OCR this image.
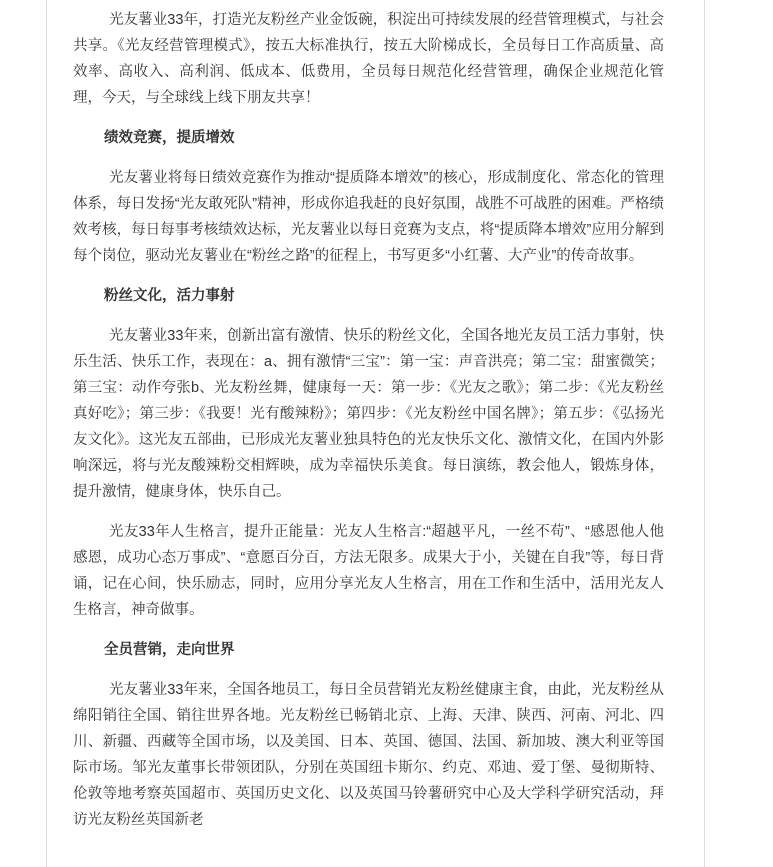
光友薯业33年，打造光友粉丝产业金饭碗，积淀出可持续发展的经营管理模式，与社会共享。《光友经营管理模式》，按五大标准执行，按五大阶梯成长，全员每日工作高质量、高效率、高收入、高利润、低成本、低费用，全员每日规范化经营管理，确保企业规范化管理，今天，与全球线上线下朋友共享！

绩效竞赛，提质增效

光友薯业将每日绩效竞赛作为推动“提质降本增效”的核心，形成制度化、常态化的管理体系，每日发扬“光友敢死队”精神，形成你追我赶的良好氛围，战胜不可战胜的困难。严格绩效考核，每日每事考核绩效达标，光友薯业以每日竞赛为支点，将“提质降本增效”应用分解到每个岗位，驱动光友薯业在“粉丝之路”的征程上，书写更多“小红薯、大产业”的传奇故事。

粉丝文化，活力事射

光友薯业33年来，创新出富有激情、快乐的粉丝文化，全国各地光友员工活力事射，快乐生活、快乐工作，表现在：a、拥有激情“三宝”：第一宝：声音洪亮；第二宝：甜蜜微笑；第三宝：动作夸张b、光友粉丝舞，健康每一天：第一步：《光友之歌》；第二步：《光友粉丝真好吃》；第三步：《我要！光有酸辣粉》；第四步：《光友粉丝中国名牌》；第五步：《弘扬光友文化》。这光友五部曲，已形成光友薯业独具特色的光友快乐文化、激情文化，在国内外影响深远，将与光友酸辣粉交相辉映，成为幸福快乐美食。每日演练，教会他人，锻炼身体，提升激情，健康身体，快乐自己。

光友33年人生格言，提升正能量：光友人生格言:“超越平凡，一丝不苟”、“感恩他人他感恩，成功心态万事成”、“意愿百分百，方法无限多。成果大于小，关键在自我”等，每日背诵，记在心间，快乐励志，同时，应用分享光友人生格言，用在工作和生活中，活用光友人生格言，神奇做事。

全员营销，走向世界

光友薯业33年来，全国各地员工，每日全员营销光友粉丝健康主食，由此，光友粉丝从绵阳销往全国、销往世界各地。光友粉丝已畅销北京、上海、天津、陕西、河南、河北、四川、新疆、西藏等全国市场，以及美国、日本、英国、德国、法国、新加坡、澳大利亚等国际市场。邹光友董事长带领团队，分别在英国纽卡斯尔、约克、邓迪、爱丁堡、曼彻斯特、伦敦等地考察英国超市、英国历史文化、以及英国马铃薯研究中心及大学科学研究活动，拜访光友粉丝英国新老
